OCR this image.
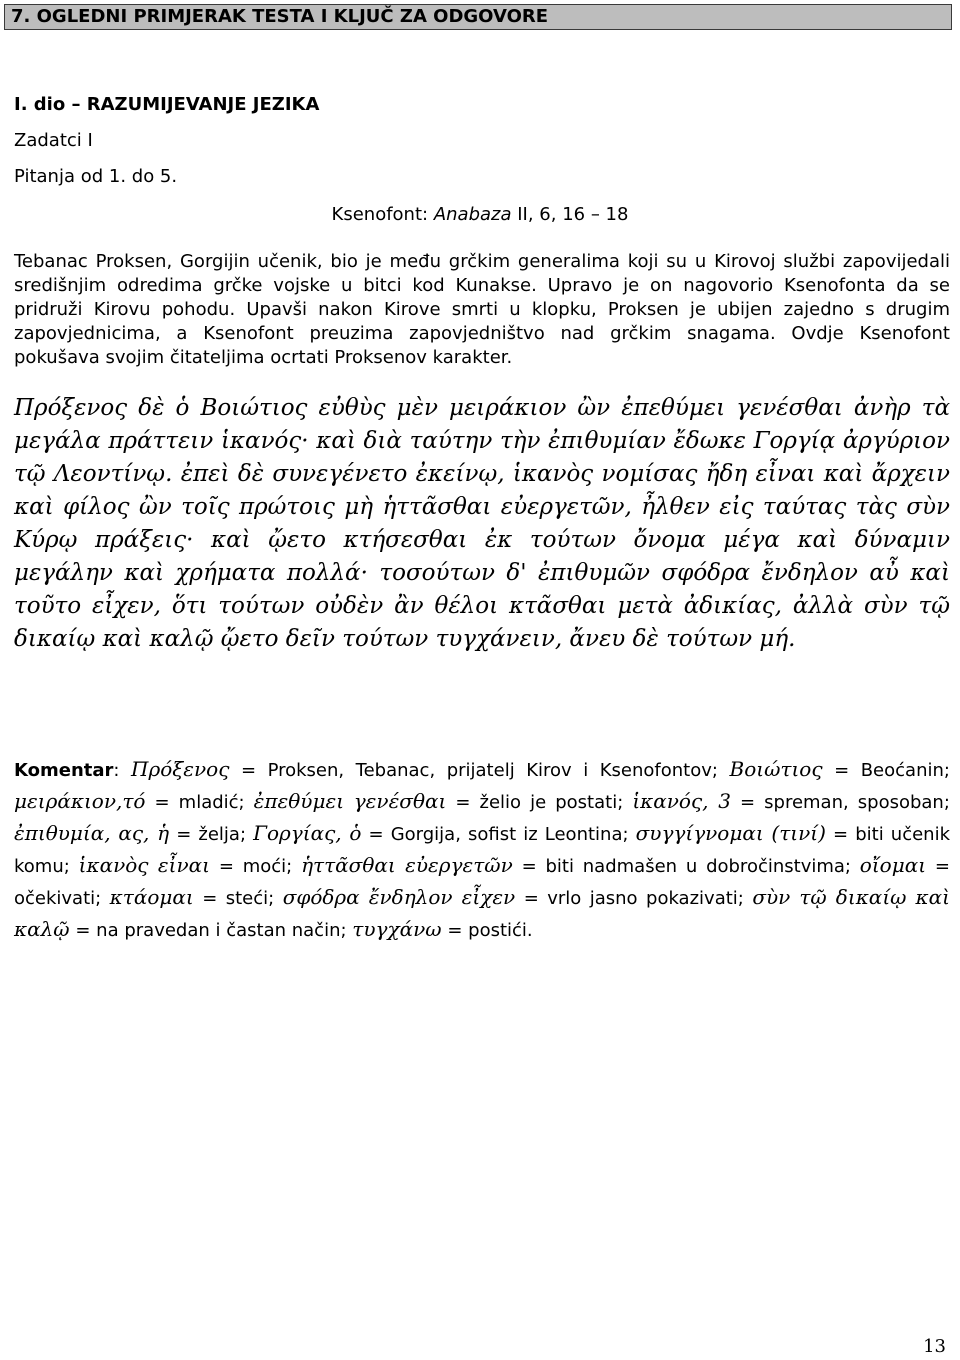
7. OGLEDNI PRIMJERAK TESTA I KLJUČ ZA ODGOVORE
I. dio – RAZUMIJEVANJE JEZIKA
Zadatci I
Pitanja od 1. do 5.
Ksenofont: Anabaza II, 6, 16 – 18
Tebanac Proksen, Gorgijin učenik, bio je među grčkim generalima koji su u Kirovoj službi zapovijedali središnjim odredima grčke vojske u bitci kod Kunakse. Upravo je on nagovorio Ksenofonta da se pridruži Kirovu pohodu. Upavši nakon Kirove smrti u klopku, Proksen je ubijen zajedno s drugim zapovjednicima, a Ksenofont preuzima zapovjedništvo nad grčkim snagama. Ovdje Ksenofont pokušava svojim čitateljima ocrtati Proksenov karakter.
Πρόξενος δὲ ὁ Βοιώτιος εὐθὺς μὲν μειράκιον ὢν ἐπεθύμει γενέσθαι ἀνὴρ τὰ μεγάλα πράττειν ἱκανός· καὶ διὰ ταύτην τὴν ἐπιθυμίαν ἔδωκε Γοργίᾳ ἀργύριον τῷ Λεοντίνῳ. ἐπεὶ δὲ συνεγένετο ἐκείνῳ, ἱκανὸς νομίσας ἤδη εἶναι καὶ ἄρχειν καὶ φίλος ὢν τοῖς πρώτοις μὴ ἡττᾶσθαι εὐεργετῶν, ἦλθεν εἰς ταύτας τὰς σὺν Κύρῳ πράξεις· καὶ ᾤετο κτήσεσθαι ἐκ τούτων ὄνομα μέγα καὶ δύναμιν μεγάλην καὶ χρήματα πολλά· τοσούτων δ' ἐπιθυμῶν σφόδρα ἔνδηλον αὖ καὶ τοῦτο εἶχεν, ὅτι τούτων οὐδὲν ἂν θέλοι κτᾶσθαι μετὰ ἀδικίας, ἀλλὰ σὺν τῷ δικαίῳ καὶ καλῷ ᾤετο δεῖν τούτων τυγχάνειν, ἄνευ δὲ τούτων μή.
Komentar: Πρόξενος = Proksen, Tebanac, prijatelj Kirov i Ksenofontov; Βοιώτιος = Beoćanin; μειράκιον,τό = mladić; ἐπεθύμει γενέσθαι = želio je postati; ἱκανός, 3 = spreman, sposoban; ἐπιθυμία, ας, ἡ = želja; Γοργίας, ὁ = Gorgija, sofist iz Leontina; συγγίγνομαι (τινί) = biti učenik komu; ἱκανὸς εἶναι = moći; ἡττᾶσθαι εὐεργετῶν = biti nadmašen u dobročinstvima; οἴομαι = očekivati; κτάομαι = steći; σφόδρα ἔνδηλον εἶχεν = vrlo jasno pokazivati; σὺν τῷ δικαίῳ καὶ καλῷ = na pravedan i častan način; τυγχάνω = postići.
13
